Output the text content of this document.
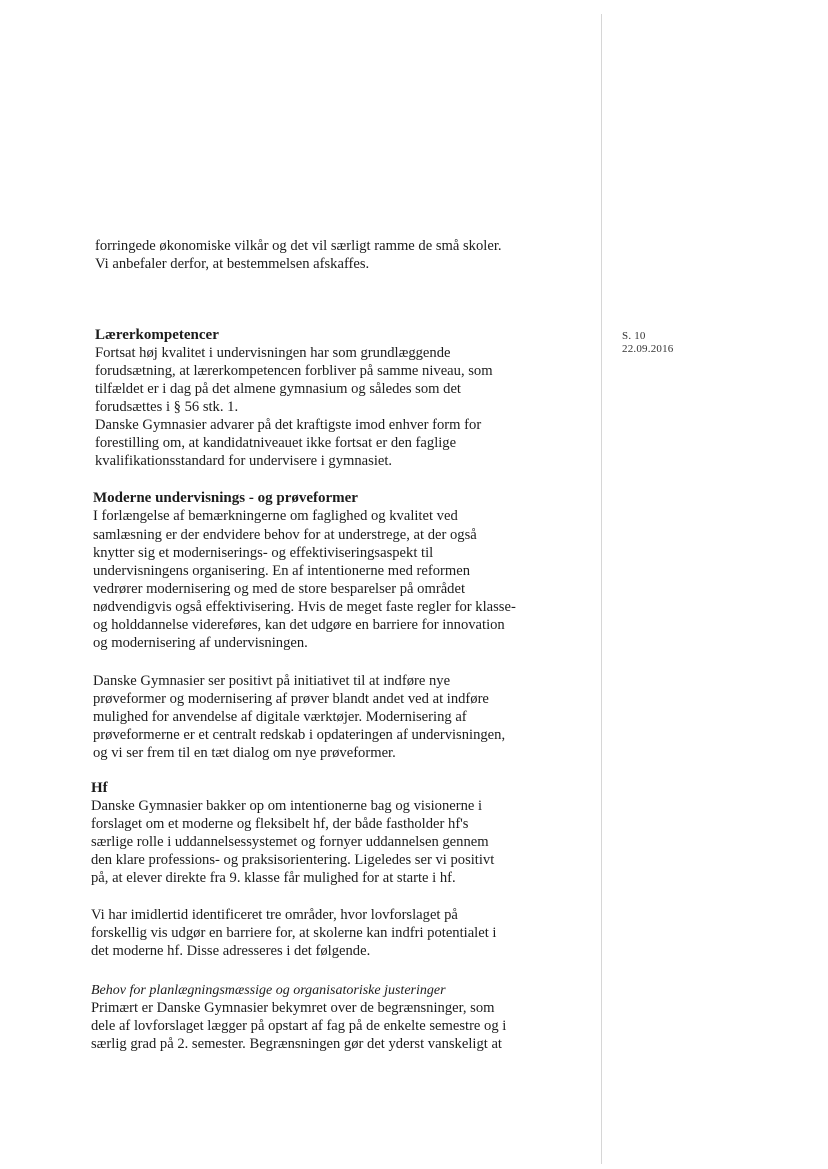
S. 10
22.09.2016
forringede økonomiske vilkår og det vil særligt ramme de små skoler.
Vi anbefaler derfor, at bestemmelsen afskaffes.
Lærerkompetencer
Fortsat høj kvalitet i undervisningen har som grundlæggende
forudsætning, at lærerkompetencen forbliver på samme niveau, som
tilfældet er i dag på det almene gymnasium og således som det
forudsættes i § 56 stk. 1.
Danske Gymnasier advarer på det kraftigste imod enhver form for
forestilling om, at kandidatniveauet ikke fortsat er den faglige
kvalifikationsstandard for undervisere i gymnasiet.
Moderne undervisnings - og prøveformer
I forlængelse af bemærkningerne om faglighed og kvalitet ved
samlæsning er der endvidere behov for at understrege, at der også
knytter sig et moderniserings- og effektiviseringsaspekt til
undervisningens organisering. En af intentionerne med reformen
vedrører modernisering og med de store besparelser på området
nødvendigvis også effektivisering. Hvis de meget faste regler for klasse-
og holddannelse videreføres, kan det udgøre en barriere for innovation
og modernisering af undervisningen.
Danske Gymnasier ser positivt på initiativet til at indføre nye
prøveformer og modernisering af prøver blandt andet ved at indføre
mulighed for anvendelse af digitale værktøjer. Modernisering af
prøveformerne er et centralt redskab i opdateringen af undervisningen,
og vi ser frem til en tæt dialog om nye prøveformer.
Hf
Danske Gymnasier bakker op om intentionerne bag og visionerne i
forslaget om et moderne og fleksibelt hf, der både fastholder hf's
særlige rolle i uddannelsessystemet og fornyer uddannelsen gennem
den klare professions- og praksisorientering. Ligeledes ser vi positivt
på, at elever direkte fra 9. klasse får mulighed for at starte i hf.
Vi har imidlertid identificeret tre områder, hvor lovforslaget på
forskellig vis udgør en barriere for, at skolerne kan indfri potentialet i
det moderne hf. Disse adresseres i det følgende.
Behov for planlægningsmæssige og organisatoriske justeringer
Primært er Danske Gymnasier bekymret over de begrænsninger, som
dele af lovforslaget lægger på opstart af fag på de enkelte semestre og i
særlig grad på 2. semester. Begrænsningen gør det yderst vanskeligt at
